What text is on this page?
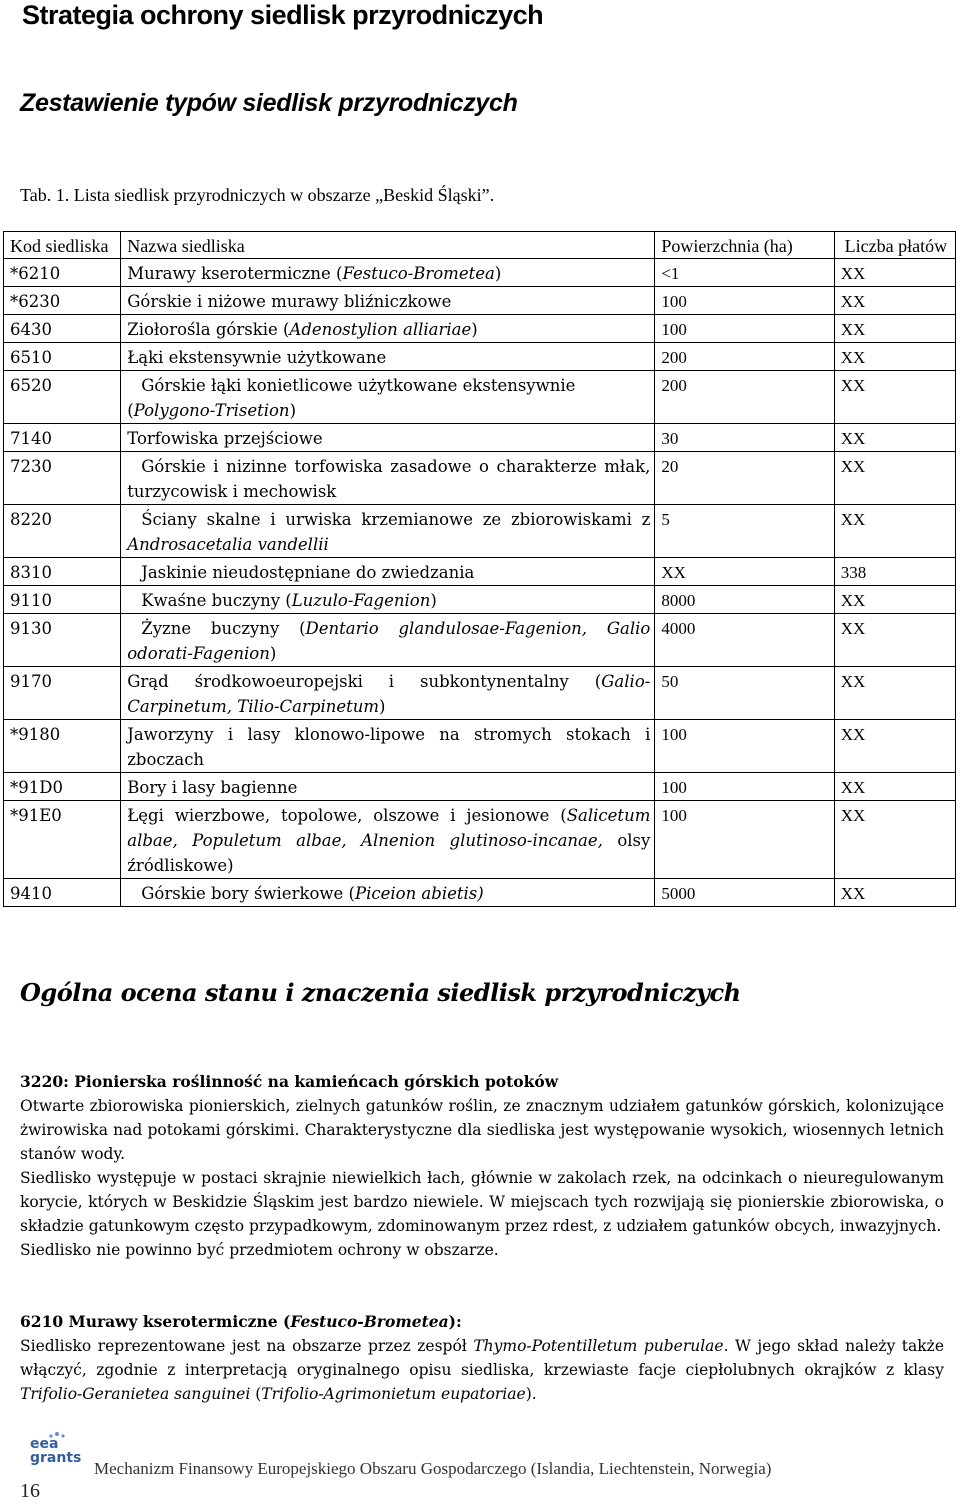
Strategia ochrony siedlisk przyrodniczych
Zestawienie typów siedlisk przyrodniczych
Tab. 1. Lista siedlisk przyrodniczych w obszarze „Beskid Śląski”.
Kod siedliska	Nazwa siedliska	Powierzchnia (ha)	Liczba płatów
*6210	Murawy kserotermiczne (Festuco-Brometea)	<1	XX
*6230	Górskie i niżowe murawy bliźniczkowe	100	XX
6430	Ziołorośla górskie (Adenostylion alliariae)	100	XX
6510	Łąki ekstensywnie użytkowane	200	XX
6520	Górskie łąki konietlicowe użytkowane ekstensywnie (Polygono-Trisetion)	200	XX
7140	Torfowiska przejściowe	30	XX
7230	Górskie i nizinne torfowiska zasadowe o charakterze młak, turzycowisk i mechowisk	20	XX
8220	Ściany skalne i urwiska krzemianowe ze zbiorowiskami z Androsacetalia vandellii	5	XX
8310	Jaskinie nieudostępniane do zwiedzania	XX	338
9110	Kwaśne buczyny (Luzulo-Fagenion)	8000	XX
9130	Żyzne buczyny (Dentario glandulosae-Fagenion, Galio odorati-Fagenion)	4000	XX
9170	Grąd środkowoeuropejski i subkontynentalny (Galio-Carpinetum, Tilio-Carpinetum)	50	XX
*9180	Jaworzyny i lasy klonowo-lipowe na stromych stokach i zboczach	100	XX
*91D0	Bory i lasy bagienne	100	XX
*91E0	Łęgi wierzbowe, topolowe, olszowe i jesionowe (Salicetum albae, Populetum albae, Alnenion glutinoso-incanae, olsy źródliskowe)	100	XX
9410	Górskie bory świerkowe (Piceion abietis)	5000	XX
Ogólna ocena stanu i znaczenia siedlisk przyrodniczych

3220: Pionierska roślinność na kamieńcach górskich potoków

Otwarte zbiorowiska pionierskich, zielnych gatunków roślin, ze znacznym udziałem gatunków górskich, kolonizujące żwirowiska nad potokami górskimi. Charakterystyczne dla siedliska jest występowanie wysokich, wiosennych letnich stanów wody.

Siedlisko występuje w postaci skrajnie niewielkich łach, głównie w zakolach rzek, na odcinkach o nieuregulowanym korycie, których w Beskidzie Śląskim jest bardzo niewiele. W miejscach tych rozwijają się pionierskie zbiorowiska, o składzie gatunkowym często przypadkowym, zdominowanym przez rdest, z udziałem gatunków obcych, inwazyjnych.

Siedlisko nie powinno być przedmiotem ochrony w obszarze.

6210 Murawy kserotermiczne (Festuco-Brometea):

Siedlisko reprezentowane jest na obszarze przez zespół Thymo-Potentilletum puberulae. W jego skład należy także włączyć, zgodnie z interpretacją oryginalnego opisu siedliska, krzewiaste facje ciepłolubnych okrajków z klasy Trifolio-Geranietea sanguinei (Trifolio-Agrimonietum eupatoriae).

eea
grants
Mechanizm Finansowy Europejskiego Obszaru Gospodarczego (Islandia, Liechtenstein, Norwegia)
16
